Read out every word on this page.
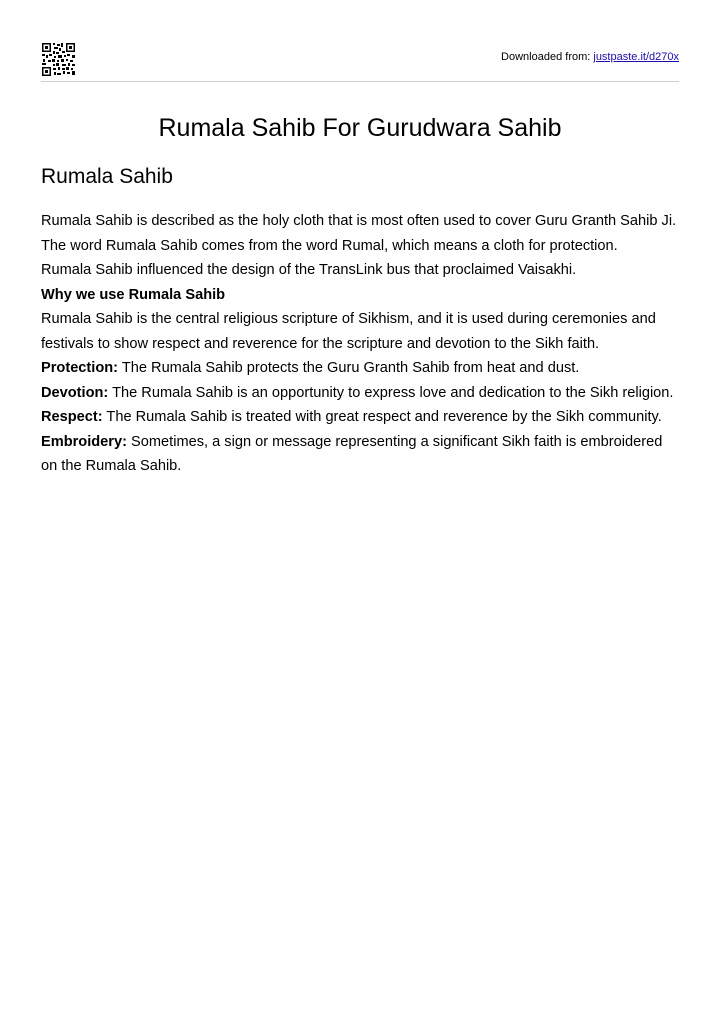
Downloaded from: justpaste.it/d270x
Rumala Sahib For Gurudwara Sahib
Rumala Sahib

Rumala Sahib is described as the holy cloth that is most often used to cover Guru Granth Sahib Ji. The word Rumala Sahib comes from the word Rumal, which means a cloth for protection.

Rumala Sahib influenced the design of the TransLink bus that proclaimed Vaisakhi.

Why we use Rumala Sahib

Rumala Sahib is the central religious scripture of Sikhism, and it is used during ceremonies and festivals to show respect and reverence for the scripture and devotion to the Sikh faith.

Protection: The Rumala Sahib protects the Guru Granth Sahib from heat and dust.

Devotion: The Rumala Sahib is an opportunity to express love and dedication to the Sikh religion.

Respect: The Rumala Sahib is treated with great respect and reverence by the Sikh community. Embroidery: Sometimes, a sign or message representing a significant Sikh faith is embroidered on the Rumala Sahib.
